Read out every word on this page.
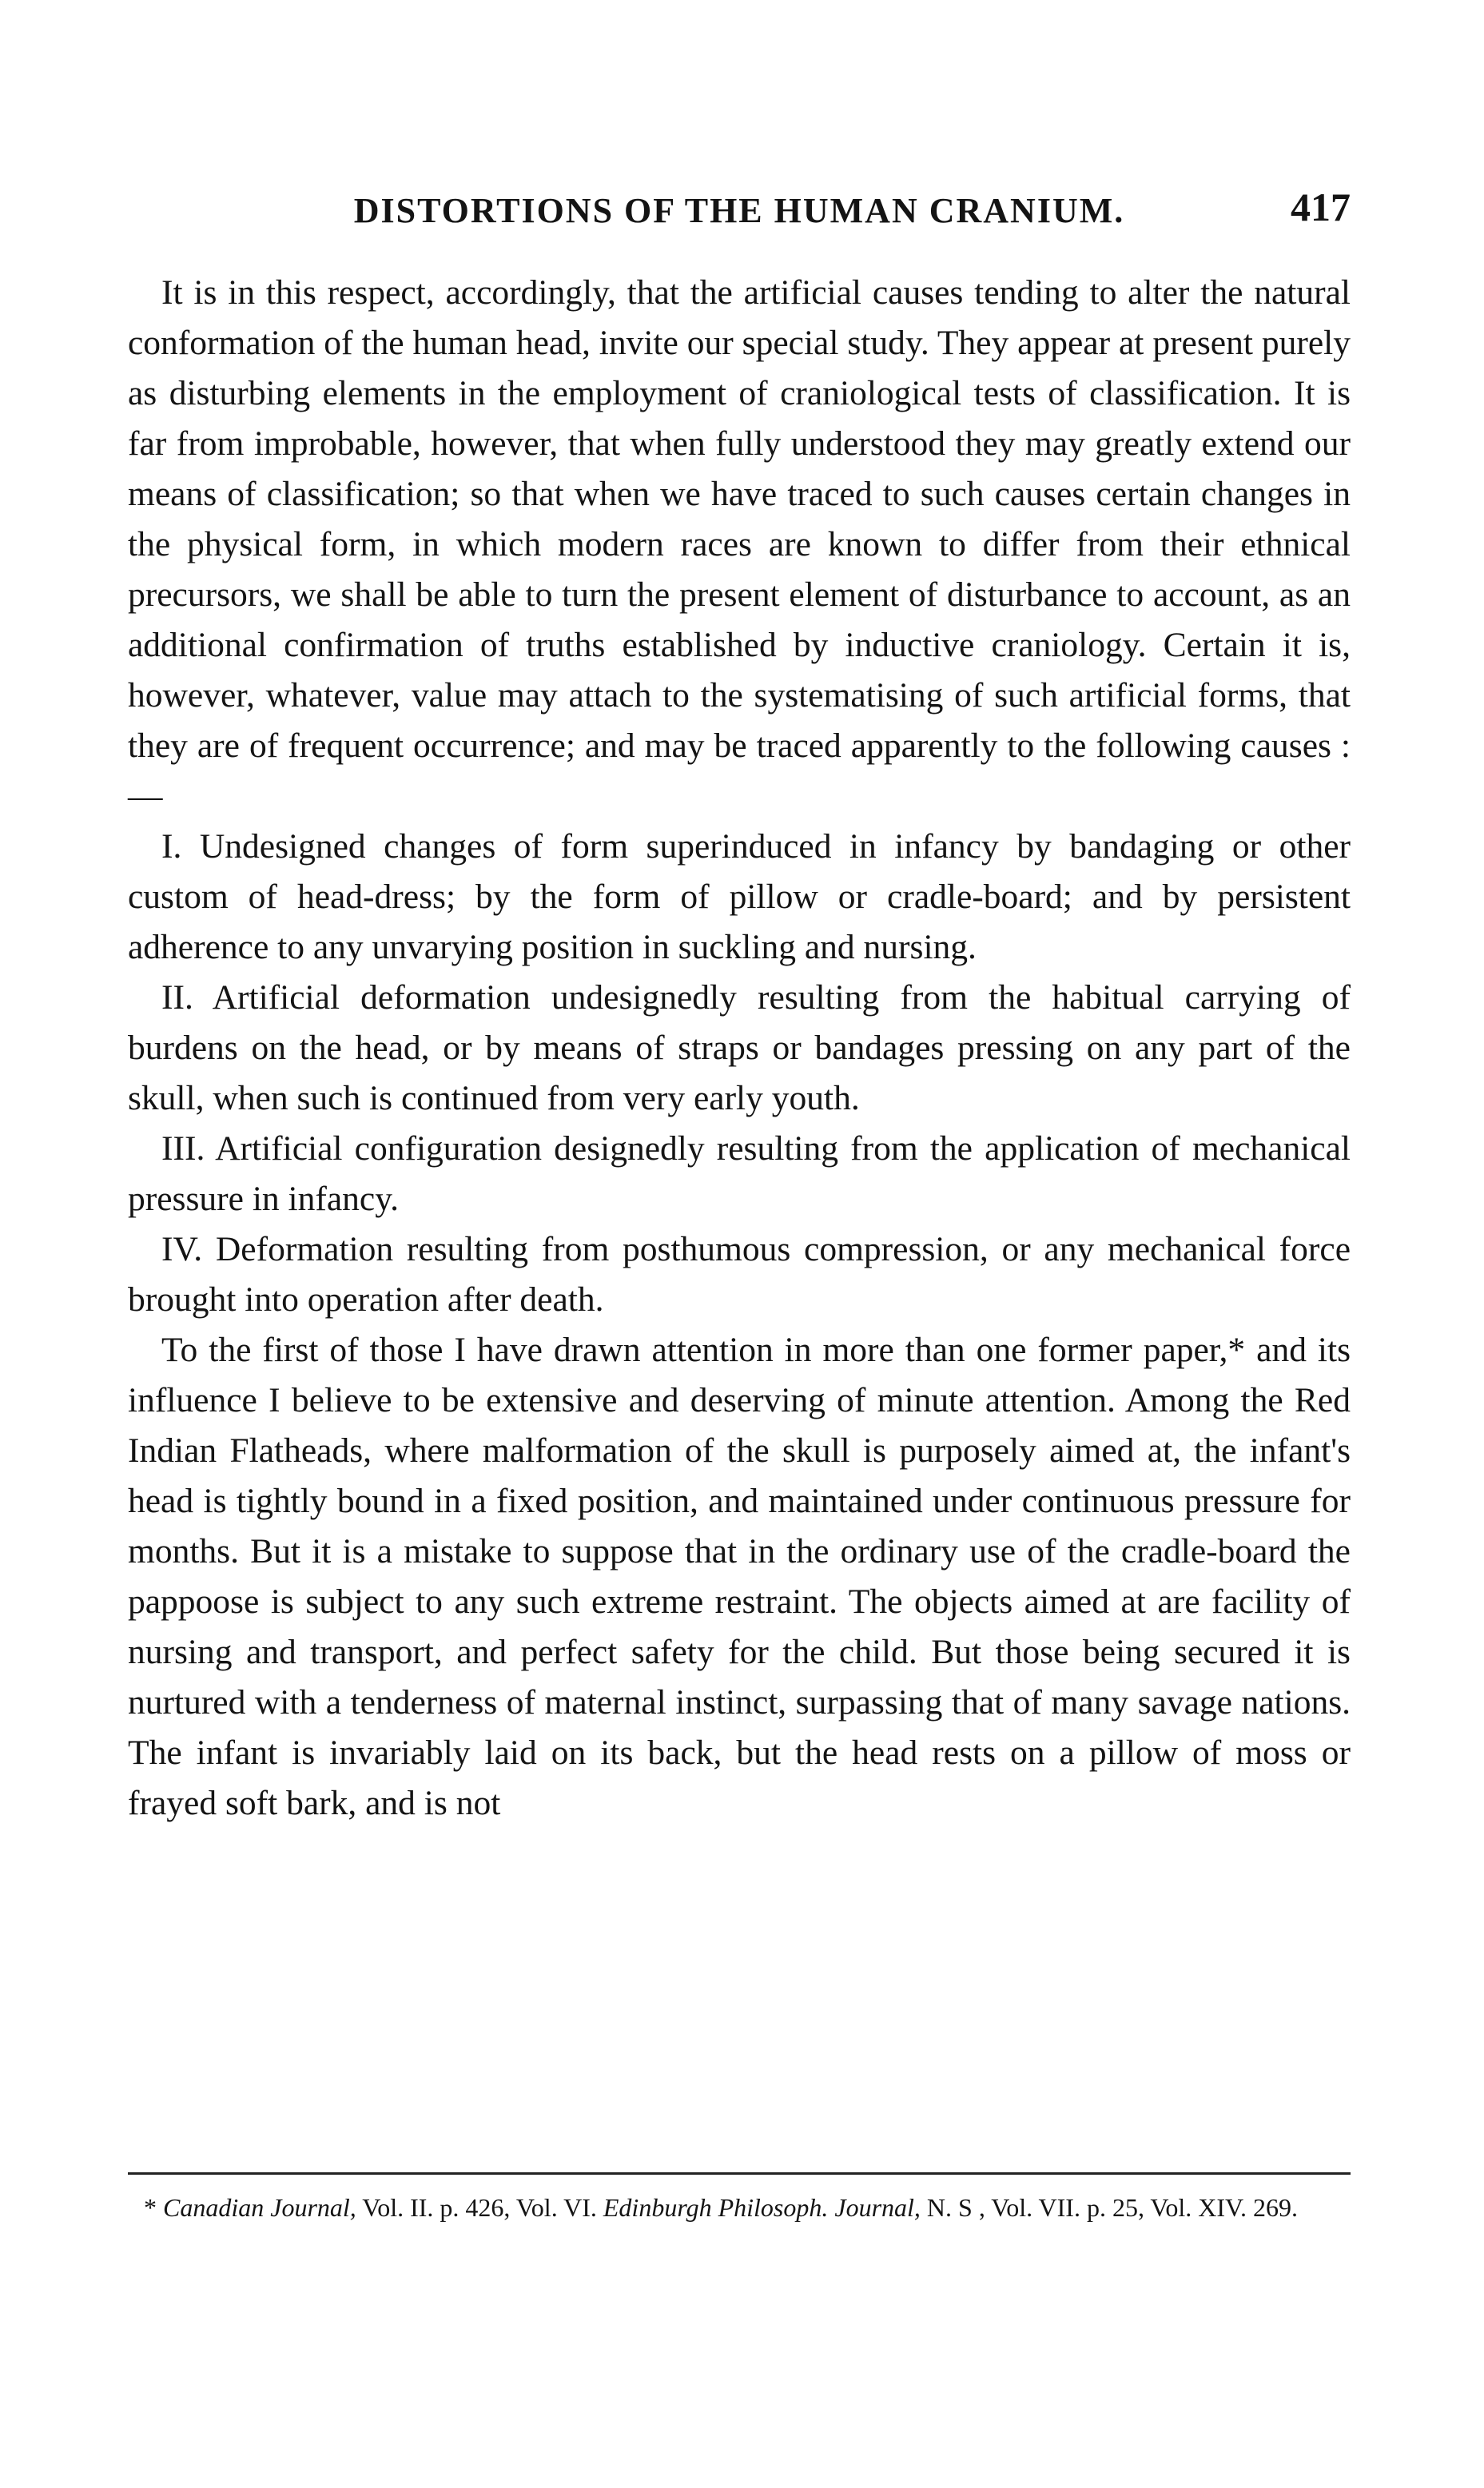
DISTORTIONS OF THE HUMAN CRANIUM.	417

It is in this respect, accordingly, that the artificial causes tending to alter the natural conformation of the human head, invite our special study. They appear at present purely as disturbing elements in the employment of craniological tests of classification. It is far from improbable, however, that when fully understood they may greatly extend our means of classification; so that when we have traced to such causes certain changes in the physical form, in which modern races are known to differ from their ethnical precursors, we shall be able to turn the present element of disturbance to account, as an additional confirmation of truths established by inductive craniology. Certain it is, however, whatever, value may attach to the systematising of such artificial forms, that they are of frequent occurrence; and may be traced apparently to the following causes :—

I. Undesigned changes of form superinduced in infancy by bandaging or other custom of head-dress; by the form of pillow or cradle-board; and by persistent adherence to any unvarying position in suckling and nursing.

II. Artificial deformation undesignedly resulting from the habitual carrying of burdens on the head, or by means of straps or bandages pressing on any part of the skull, when such is continued from very early youth.

III. Artificial configuration designedly resulting from the application of mechanical pressure in infancy.

IV. Deformation resulting from posthumous compression, or any mechanical force brought into operation after death.

To the first of those I have drawn attention in more than one former paper,* and its influence I believe to be extensive and deserving of minute attention. Among the Red Indian Flatheads, where malformation of the skull is purposely aimed at, the infant's head is tightly bound in a fixed position, and maintained under continuous pressure for months. But it is a mistake to suppose that in the ordinary use of the cradle-board the pappoose is subject to any such extreme restraint. The objects aimed at are facility of nursing and transport, and perfect safety for the child. But those being secured it is nurtured with a tenderness of maternal instinct, surpassing that of many savage nations. The infant is invariably laid on its back, but the head rests on a pillow of moss or frayed soft bark, and is not

* Canadian Journal, Vol. II. p. 426, Vol. VI. Edinburgh Philosoph. Journal, N. S , Vol. VII. p. 25, Vol. XIV. 269.
